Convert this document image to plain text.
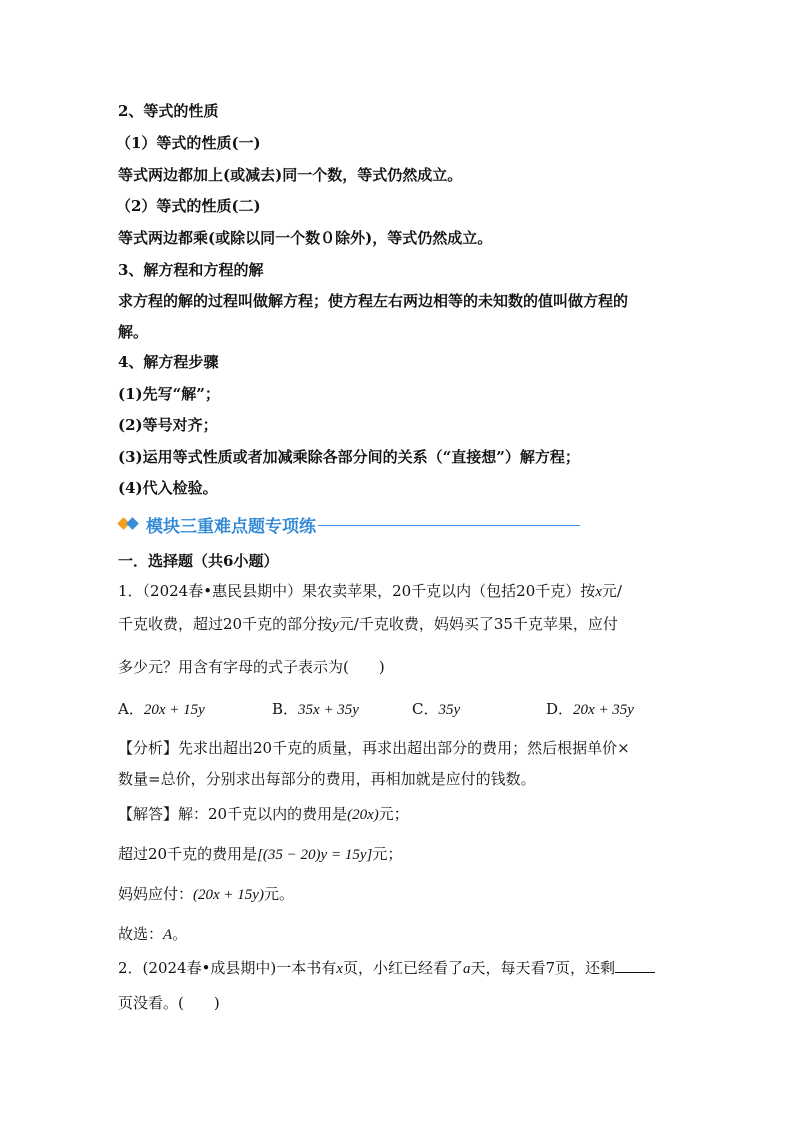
2、等式的性质
（1）等式的性质(一)
等式两边都加上(或减去)同一个数，等式仍然成立。
（2）等式的性质(二)
等式两边都乘(或除以同一个数０除外)，等式仍然成立。
3、解方程和方程的解
求方程的解的过程叫做解方程；使方程左右两边相等的未知数的值叫做方程的
解。
4、解方程步骤
(1)先写“解”；
(2)等号对齐；
(3)运用等式性质或者加减乘除各部分间的关系（“直接想”）解方程；
(4)代入检验。
模块三重难点题专项练
一．选择题（共6小题）
1．（2024春•惠民县期中）果农卖苹果，20千克以内（包括20千克）按x元/
千克收费，超过20千克的部分按y元/千克收费，妈妈买了35千克苹果，应付
多少元？用含有字母的式子表示为(　　)
A．20x + 15y	B．35x + 35y	C．35y	D．20x + 35y
【分析】先求出超出20千克的质量，再求出超出部分的费用；然后根据单价×
数量=总价，分别求出每部分的费用，再相加就是应付的钱数。
【解答】解：20千克以内的费用是(20x)元；
超过20千克的费用是[(35 − 20)y = 15y]元；
妈妈应付：(20x + 15y)元。
故选：A。
2．(2024春•成县期中)一本书有x页，小红已经看了a天，每天看7页，还剩
页没看。(　　)
